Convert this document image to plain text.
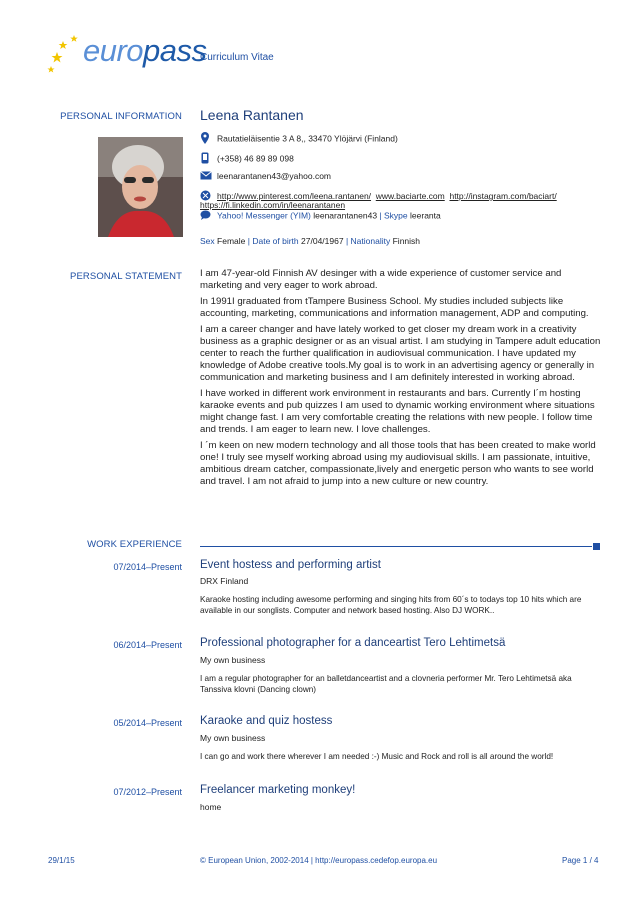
europass
Curriculum Vitae
PERSONAL INFORMATION Leena Rantanen
Rautatieläisentie 3 A 8,, 33470 Ylöjärvi (Finland)
(+358) 46 89 89 098
leenarantanen43@yahoo.com
http://www.pinterest.com/leena.rantanen/ www.baciarte.com http://instagram.com/baciart/
https://fi.linkedin.com/in/leenarantanen
Yahoo! Messenger (YIM) leenarantanen43 | Skype leeranta
Sex Female | Date of birth 27/04/1967 | Nationality Finnish
PERSONAL STATEMENT I am 47-year-old Finnish AV desinger with a wide experience of customer service and marketing and very eager to work abroad.

In 1991I graduated from tTampere Business School. My studies included subjects like accounting, marketing, communications and information management, ADP and computing.

I am a career changer and have lately worked to get closer my dream work in a creativity business as a graphic designer or as an visual artist. I am studying in Tampere adult education center to reach the further qualification in audiovisual communication. I have updated my knowledge of Adobe creative tools.My goal is to work in an advertising agency or generally in communication and marketing business and I am definitely interested in working abroad.

I have worked in different work environment in restaurants and bars. Currently I´m hosting karaoke events and pub quizzes I am used to dynamic working environment where situations might change fast. I am very comfortable creating the relations with new people. I follow time and trends. I am eager to learn new. I love challenges.

I ´m keen on new modern technology and all those tools that has been created to make world one! I truly see myself working abroad using my audiovisual skills. I am passionate, intuitive, ambitious dream catcher, compassionate,lively and energetic person who wants to see world and travel. I am not afraid to jump into a new culture or new country.

WORK EXPERIENCE
07/2014–Present Event hostess and performing artist
DRX Finland
Karaoke hosting including awesome performing and singing hits from 60´s to todays top 10 hits which are available in our songlists. Computer and network based hosting. Also DJ WORK..
06/2014–Present Professional photographer for a danceartist Tero Lehtimetsä
My own business
I am a regular photographer for an balletdanceartist and a clovneria performer Mr. Tero Lehtimetsä aka Tanssiva klovni (Dancing clown)
05/2014–Present Karaoke and quiz hostess
My own business
I can go and work there wherever I am needed :-) Music and Rock and roll is all around the world!
07/2012–Present Freelancer marketing monkey!
home
29/1/15	© European Union, 2002-2014 | http://europass.cedefop.europa.eu	Page 1 / 4
